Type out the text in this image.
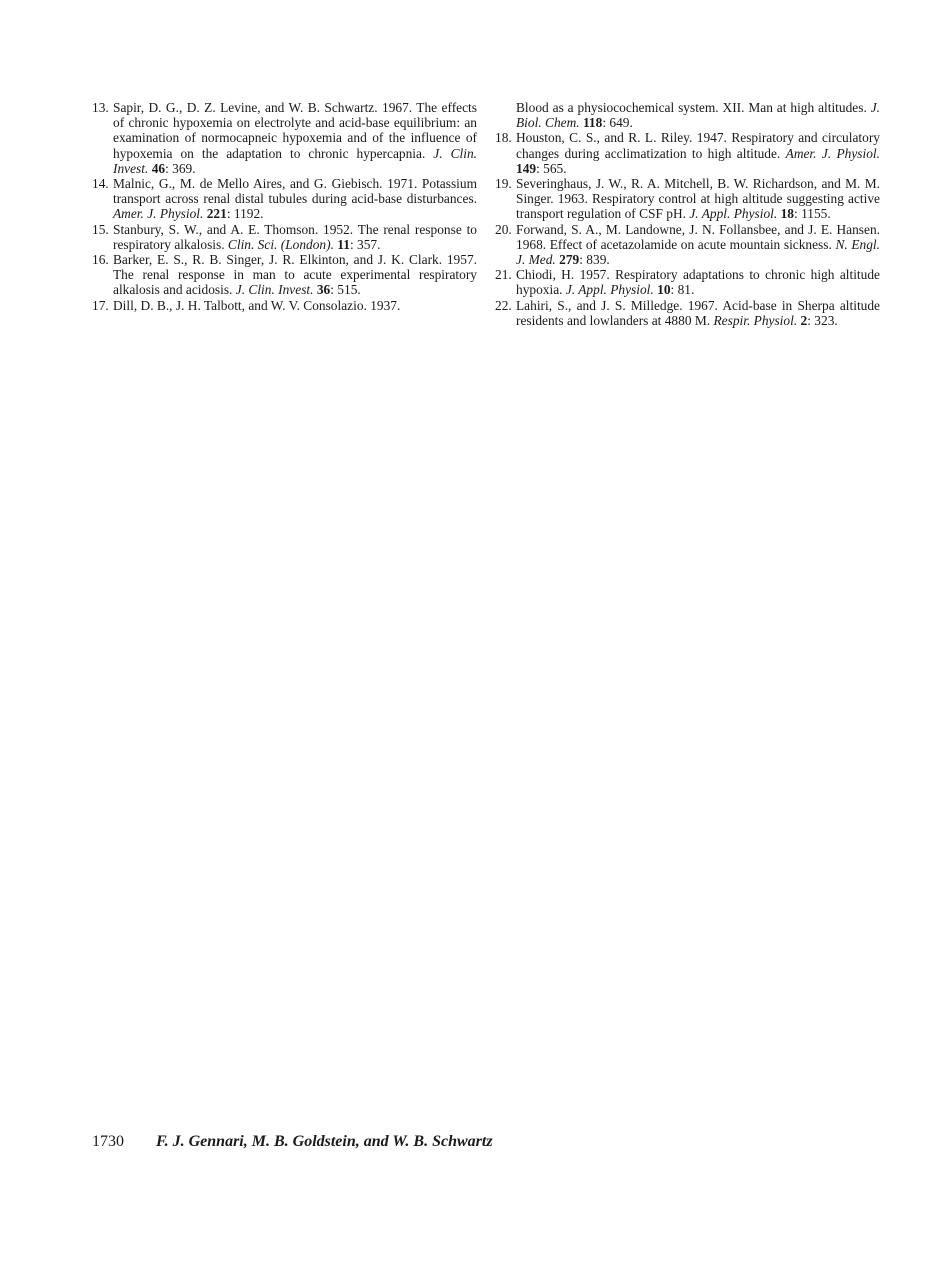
13. Sapir, D. G., D. Z. Levine, and W. B. Schwartz. 1967. The effects of chronic hypoxemia on electrolyte and acid-base equilibrium: an examination of normocapneic hypoxemia and of the influence of hypoxemia on the adaptation to chronic hypercapnia. J. Clin. Invest. 46: 369.
14. Malnic, G., M. de Mello Aires, and G. Giebisch. 1971. Potassium transport across renal distal tubules during acid-base disturbances. Amer. J. Physiol. 221: 1192.
15. Stanbury, S. W., and A. E. Thomson. 1952. The renal response to respiratory alkalosis. Clin. Sci. (London). 11: 357.
16. Barker, E. S., R. B. Singer, J. R. Elkinton, and J. K. Clark. 1957. The renal response in man to acute experimental respiratory alkalosis and acidosis. J. Clin. Invest. 36: 515.
17. Dill, D. B., J. H. Talbott, and W. V. Consolazio. 1937.
Blood as a physiocochemical system. XII. Man at high altitudes. J. Biol. Chem. 118: 649.
18. Houston, C. S., and R. L. Riley. 1947. Respiratory and circulatory changes during acclimatization to high altitude. Amer. J. Physiol. 149: 565.
19. Severinghaus, J. W., R. A. Mitchell, B. W. Richardson, and M. M. Singer. 1963. Respiratory control at high altitude suggesting active transport regulation of CSF pH. J. Appl. Physiol. 18: 1155.
20. Forwand, S. A., M. Landowne, J. N. Follansbee, and J. E. Hansen. 1968. Effect of acetazolamide on acute mountain sickness. N. Engl. J. Med. 279: 839.
21. Chiodi, H. 1957. Respiratory adaptations to chronic high altitude hypoxia. J. Appl. Physiol. 10: 81.
22. Lahiri, S., and J. S. Milledge. 1967. Acid-base in Sherpa altitude residents and lowlanders at 4880 M. Respir. Physiol. 2: 323.
1730 F. J. Gennari, M. B. Goldstein, and W. B. Schwartz
